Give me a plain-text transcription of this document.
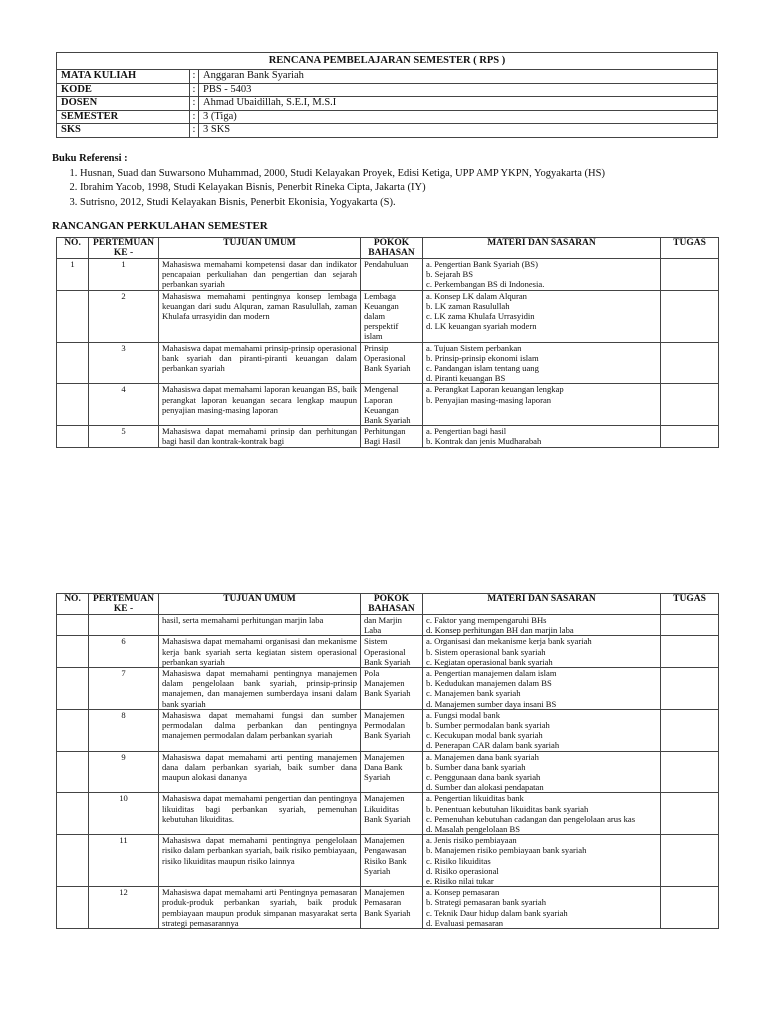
RENCANA PEMBELAJARAN SEMESTER ( RPS )		
MATA KULIAH	:	Anggaran Bank Syariah
KODE	:	PBS - 5403
DOSEN	:	Ahmad Ubaidillah, S.E.I, M.S.I
SEMESTER	:	3 (Tiga)
SKS	:	3 SKS
Buku Referensi :
1. Husnan, Suad dan Suwarsono Muhammad, 2000, Studi Kelayakan Proyek, Edisi Ketiga, UPP AMP YKPN, Yogyakarta (HS)
2. Ibrahim Yacob, 1998, Studi Kelayakan Bisnis, Penerbit Rineka Cipta, Jakarta (IY)
3. Sutrisno, 2012, Studi Kelayakan Bisnis, Penerbit Ekonisia, Yogyakarta (S).
RANCANGAN PERKULAHAN SEMESTER
NO.	PERTEMUAN KE -	TUJUAN UMUM	POKOK BAHASAN	MATERI DAN SASARAN	TUGAS
1	1	Mahasiswa memahami kompetensi dasar dan indikator pencapaian perkuliahan dan pengertian dan sejarah perbankan syariah	Pendahuluan	a. Pengertian Bank Syariah (BS)
b. Sejarah BS
c. Perkembangan BS di Indonesia.	

	2	Mahasiswa memahami pentingnya konsep lembaga keuangan dari sudu Alquran, zaman Rasulullah, zaman Khulafa urrasyidin dan modern	Lembaga Keuangan dalam perspektif islam	a. Konsep LK dalam Alquran
b. LK zaman Rasulullah
c. LK zama Khulafa Urrasyidin
d. LK keuangan syariah modern	

	3	Mahasiswa dapat memahami prinsip-prinsip operasional bank syariah dan piranti-piranti keuangan dalam perbankan syariah	Prinsip Operasional Bank Syariah	a. Tujuan Sistem perbankan
b. Prinsip-prinsip ekonomi islam
c. Pandangan islam tentang uang
d. Piranti keuangan BS	

	4	Mahasiswa dapat memahami laporan keuangan BS, baik perangkat laporan keuangan secara lengkap maupun penyajian masing-masing laporan	Mengenal Laporan Keuangan Bank Syariah	a. Perangkat Laporan keuangan lengkap
b. Penyajian masing-masing laporan	

	5	Mahasiswa dapat memahami prinsip dan perhitungan bagi hasil dan kontrak-kontrak bagi	Perhitungan Bagi Hasil	a. Pengertian bagi hasil
b. Kontrak dan jenis Mudharabah	

NO.	PERTEMUAN KE -	TUJUAN UMUM	POKOK BAHASAN	MATERI DAN SASARAN	TUGAS
		hasil, serta memahami perhitungan marjin laba	dan Marjin Laba	c. Faktor yang mempengaruhi BHs
d. Konsep perhitungan BH dan marjin laba	

	6	Mahasiswa dapat memahami organisasi dan mekanisme kerja bank syariah serta kegiatan sistem operasional perbankan syariah	Sistem Operasional Bank Syariah	a. Organisasi dan mekanisme kerja bank syariah
b. Sistem operasional bank syariah
c. Kegiatan operasional bank syariah	

	7	Mahasiswa dapat memahami pentingnya manajemen dalam pengelolaan bank syariah, prinsip-prinsip manajemen, dan manajemen sumberdaya insani dalam bank syariah	Pola Manajemen Bank Syariah	a. Pengertian manajemen dalam islam
b. Kedudukan manajemen dalam BS
c. Manajemen bank syariah
d. Manajemen sumber daya insani BS	

	8	Mahasiswa dapat memahami fungsi dan sumber permodalan dalma perbankan dan pentingnya manajemen permodalan dalam perbankan syariah	Manajemen Permodalan Bank Syariah	a. Fungsi modal bank
b. Sumber permodalan bank syariah
c. Kecukupan modal bank syariah
d. Penerapan CAR dalam bank syariah	

	9	Mahasiswa dapat memahami arti penting manajemen dana dalam perbankan syariah, baik sumber dana maupun alokasi dananya	Manajemen Dana Bank Syariah	a. Manajemen dana bank syariah
b. Sumber dana bank syariah
c. Penggunaan dana bank syariah
d. Sumber dan alokasi pendapatan	

	10	Mahasiswa dapat memahami pengertian dan pentingnya likuiditas bagi perbankan syariah, pemenuhan kebutuhan likuiditas.	Manajemen Likuiditas Bank Syariah	a. Pengertian likuiditas bank
b. Penentuan kebutuhan likuiditas bank syariah
c. Pemenuhan kebutuhan cadangan dan pengelolaan arus kas
d. Masalah pengelolaan BS	

	11	Mahasiswa dapat memahami pentingnya pengelolaan risiko dalam perbankan syariah, baik risiko pembiayaan, risiko likuiditas maupun risiko lainnya	Manajemen Pengawasan Risiko Bank Syariah	a. Jenis risiko pembiayaan
b. Manajemen risiko pembiayaan bank syariah
c. Risiko likuiditas
d. Risiko operasional
e. Risiko nilai tukar	

	12	Mahasiswa dapat memahami arti Pentingnya pemasaran produk-produk perbankan syariah, baik produk pembiayaan maupun produk simpanan masyarakat serta strategi pemasarannya	Manajemen Pemasaran Bank Syariah	a. Konsep pemasaran
b. Strategi pemasaran bank syariah
c. Teknik Daur hidup dalam bank syariah
d. Evaluasi pemasaran	
